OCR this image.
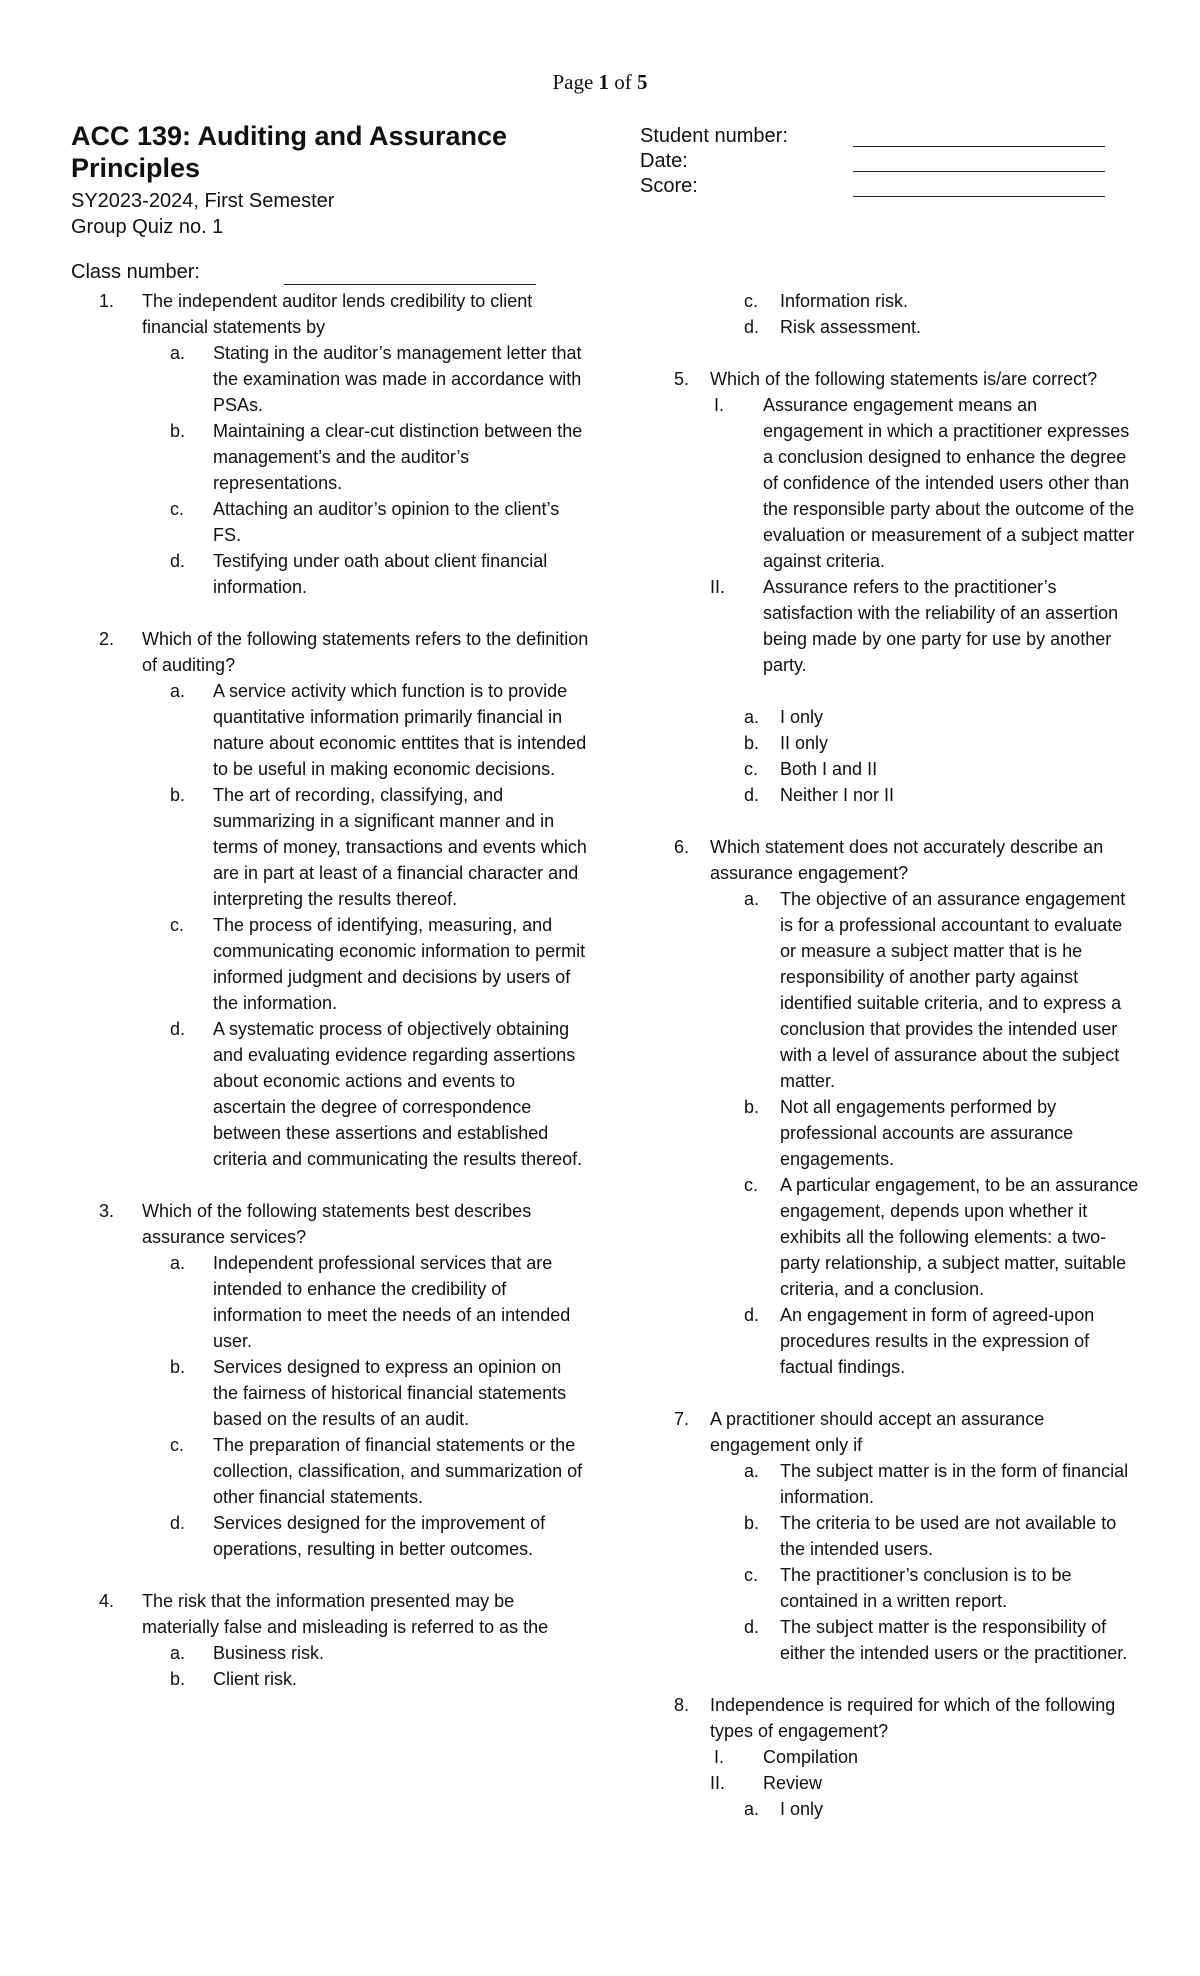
Page 1 of 5
ACC 139: Auditing and Assurance Principles
SY2023-2024, First Semester
Group Quiz no. 1
Class number:
Student number:
Date:
Score:
1.	The independent auditor lends credibility to client financial statements by
a. Stating in the auditor’s management letter that the examination was made in accordance with PSAs.
b. Maintaining a clear-cut distinction between the management’s and the auditor’s representations.
c. Attaching an auditor’s opinion to the client’s FS.
d. Testifying under oath about client financial information.
2.	Which of the following statements refers to the definition of auditing?
a. A service activity which function is to provide quantitative information primarily financial in nature about economic enttites that is intended to be useful in making economic decisions.
b. The art of recording, classifying, and summarizing in a significant manner and in terms of money, transactions and events which are in part at least of a financial character and interpreting the results thereof.
c. The process of identifying, measuring, and communicating economic information to permit informed judgment and decisions by users of the information.
d. A systematic process of objectively obtaining and evaluating evidence regarding assertions about economic actions and events to ascertain the degree of correspondence between these assertions and established criteria and communicating the results thereof.
3.	Which of the following statements best describes assurance services?
a. Independent professional services that are intended to enhance the credibility of information to meet the needs of an intended user.
b. Services designed to express an opinion on the fairness of historical financial statements based on the results of an audit.
c. The preparation of financial statements or the collection, classification, and summarization of other financial statements.
d. Services designed for the improvement of operations, resulting in better outcomes.
4.	The risk that the information presented may be materially false and misleading is referred to as the
a. Business risk.
b. Client risk.
c. Information risk.
d. Risk assessment.
5.	Which of the following statements is/are correct?
I. Assurance engagement means an engagement in which a practitioner expresses a conclusion designed to enhance the degree of confidence of the intended users other than the responsible party about the outcome of the evaluation or measurement of a subject matter against criteria.
II. Assurance refers to the practitioner’s satisfaction with the reliability of an assertion being made by one party for use by another party.
a. I only
b. II only
c. Both I and II
d. Neither I nor II
6.	Which statement does not accurately describe an assurance engagement?
a. The objective of an assurance engagement is for a professional accountant to evaluate or measure a subject matter that is he responsibility of another party against identified suitable criteria, and to express a conclusion that provides the intended user with a level of assurance about the subject matter.
b. Not all engagements performed by professional accounts are assurance engagements.
c. A particular engagement, to be an assurance engagement, depends upon whether it exhibits all the following elements: a two-party relationship, a subject matter, suitable criteria, and a conclusion.
d. An engagement in form of agreed-upon procedures results in the expression of factual findings.
7.	A practitioner should accept an assurance engagement only if
a. The subject matter is in the form of financial information.
b. The criteria to be used are not available to the intended users.
c. The practitioner’s conclusion is to be contained in a written report.
d. The subject matter is the responsibility of either the intended users or the practitioner.
8.	Independence is required for which of the following types of engagement?
I. Compilation
II. Review
a. I only
